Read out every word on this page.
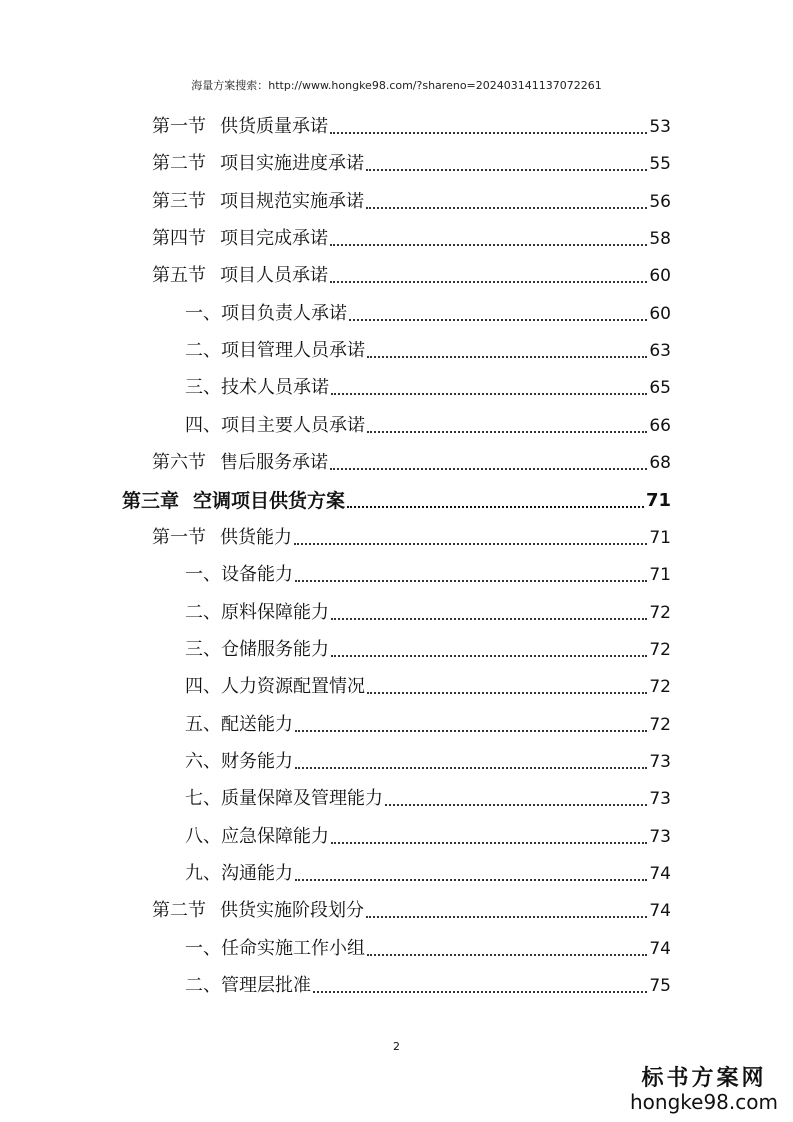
海量方案搜索：http://www.hongke98.com/?shareno=202403141137072261
第一节 供货质量承诺	53
第二节 项目实施进度承诺	55
第三节 项目规范实施承诺	56
第四节 项目完成承诺	58
第五节 项目人员承诺	60
一、项目负责人承诺	60
二、项目管理人员承诺	63
三、技术人员承诺	65
四、项目主要人员承诺	66
第六节 售后服务承诺	68
第三章 空调项目供货方案	71
第一节 供货能力	71
一、设备能力	71
二、原料保障能力	72
三、仓储服务能力	72
四、人力资源配置情况	72
五、配送能力	72
六、财务能力	73
七、质量保障及管理能力	73
八、应急保障能力	73
九、沟通能力	74
第二节 供货实施阶段划分	74
一、任命实施工作小组	74
二、管理层批准	75
2
标书方案网
hongke98.com
